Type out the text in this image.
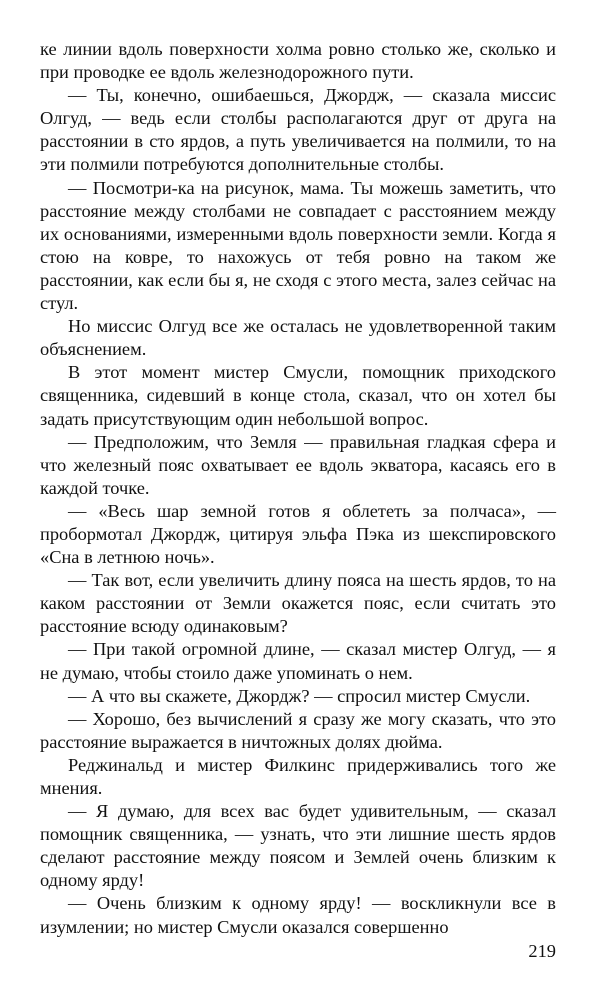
ке линии вдоль поверхности холма ровно столько же, сколько и при проводке ее вдоль железнодорожного пути.

— Ты, конечно, ошибаешься, Джордж, — сказала миссис Олгуд, — ведь если столбы располагаются друг от друга на расстоянии в сто ярдов, а путь увеличивается на полмили, то на эти полмили потребуются дополнительные столбы.

— Посмотри-ка на рисунок, мама. Ты можешь заметить, что расстояние между столбами не совпадает с расстоянием между их основаниями, измеренными вдоль поверхности земли. Когда я стою на ковре, то нахожусь от тебя ровно на таком же расстоянии, как если бы я, не сходя с этого места, залез сейчас на стул.

Но миссис Олгуд все же осталась не удовлетворенной таким объяснением.

В этот момент мистер Смусли, помощник приходского священника, сидевший в конце стола, сказал, что он хотел бы задать присутствующим один небольшой вопрос.

— Предположим, что Земля — правильная гладкая сфера и что железный пояс охватывает ее вдоль экватора, касаясь его в каждой точке.

— «Весь шар земной готов я облететь за полчаса», — пробормотал Джордж, цитируя эльфа Пэка из шекспировского «Сна в летнюю ночь».

— Так вот, если увеличить длину пояса на шесть ярдов, то на каком расстоянии от Земли окажется пояс, если считать это расстояние всюду одинаковым?

— При такой огромной длине, — сказал мистер Олгуд, — я не думаю, чтобы стоило даже упоминать о нем.

— А что вы скажете, Джордж? — спросил мистер Смусли.

— Хорошо, без вычислений я сразу же могу сказать, что это расстояние выражается в ничтожных долях дюйма.

Реджинальд и мистер Филкинс придерживались того же мнения.

— Я думаю, для всех вас будет удивительным, — сказал помощник священника, — узнать, что эти лишние шесть ярдов сделают расстояние между поясом и Землей очень близким к одному ярду!

— Очень близким к одному ярду! — воскликнули все в изумлении; но мистер Смусли оказался совершенно

219
